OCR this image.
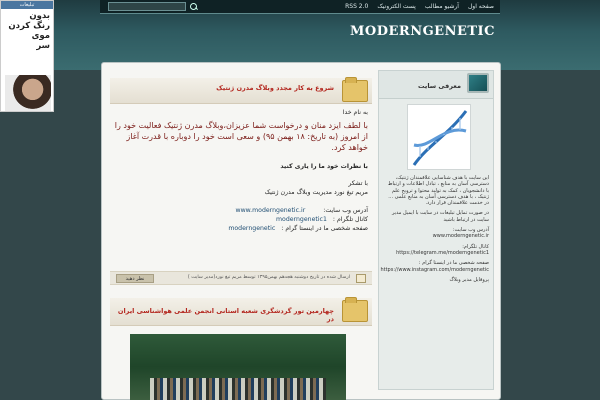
RSS 2.0 پست الکترونیک آرشیو مطالب صفحه اول
MODERNGENETIC
تبلیغات
بدون
رنگ کردن
موی
سر
معرفی سایت

این سایت با هدف شناسایی علاقمندان ژنتیک، دسترسی آسان به منابع ، تبادل اطلاعات و ارتباط با دانشجویان ، کمک به تولید محتوا و ترویج علم ژنتیک ، با هدف دسترسی آسان به منابع علمی ... در خدمت علاقمندان قرار دارد.

در صورت تمایل تبلیغات در سایت با ایمیل مدیر سایت در ارتباط باشید

آدرس وب سایت:
www.moderngenetic.ir

کانال تلگرام:
https://telegram.me/moderngenetic1

صفحه شخصی ما در اینستا گرام :
https://www.instagram.com/moderngenetic

پروفایل مدیر وبلاگ

شروع به کار مجدد وبلاگ مدرن ژنتیک
به نام خدا
با لطف ایزد منان و درخواست شما عزیزان،وبلاگ مدرن ژنتیک فعالیت خود را از امروز (به تاریخ: ۱۸ بهمن ۹۵) و سعی است خود را دوباره با قدرت آغاز خواهد کرد.
با نظرات خود ما را یاری کنید
با تشکر
مریم تیغ نورد مدیریت وبلاگ مدرن ژنتیک
آدرس وب سایت:
www.moderngenetic.ir
کانال تلگرام :
moderngenetic1
صفحه شخصی ما در اینستا گرام :
moderngenetic
نظر دهید	ارسال شده در تاریخ دوشنبه هجدهم بهمن۱۳۹۵ توسط مریم تیغ نورد(مدیر سایت )
چهارمین تور گردشگری شعبه استانی انجمن علمی هواشناسی ایران در
